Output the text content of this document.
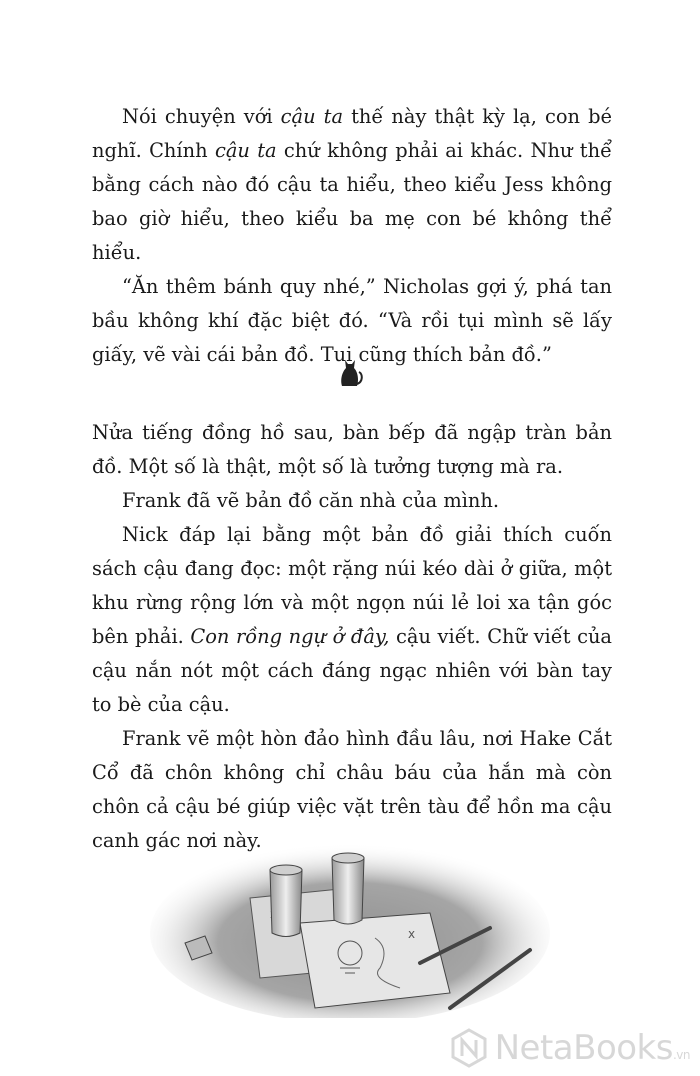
Nói chuyện với cậu ta thế này thật kỳ lạ, con bé nghĩ. Chính cậu ta chứ không phải ai khác. Như thể bằng cách nào đó cậu ta hiểu, theo kiểu Jess không bao giờ hiểu, theo kiểu ba mẹ con bé không thể hiểu.

“Ăn thêm bánh quy nhé,” Nicholas gợi ý, phá tan bầu không khí đặc biệt đó. “Và rồi tụi mình sẽ lấy giấy, vẽ vài cái bản đồ. Tui cũng thích bản đồ.”

Nửa tiếng đồng hồ sau, bàn bếp đã ngập tràn bản đồ. Một số là thật, một số là tưởng tượng mà ra.

Frank đã vẽ bản đồ căn nhà của mình.

Nick đáp lại bằng một bản đồ giải thích cuốn sách cậu đang đọc: một rặng núi kéo dài ở giữa, một khu rừng rộng lớn và một ngọn núi lẻ loi xa tận góc bên phải. Con rồng ngự ở đây, cậu viết. Chữ viết của cậu nắn nót một cách đáng ngạc nhiên với bàn tay to bè của cậu.

Frank vẽ một hòn đảo hình đầu lâu, nơi Hake Cắt Cổ đã chôn không chỉ châu báu của hắn mà còn chôn cả cậu bé giúp việc vặt trên tàu để hồn ma cậu canh gác nơi này.

x
NetaBooks.vn
